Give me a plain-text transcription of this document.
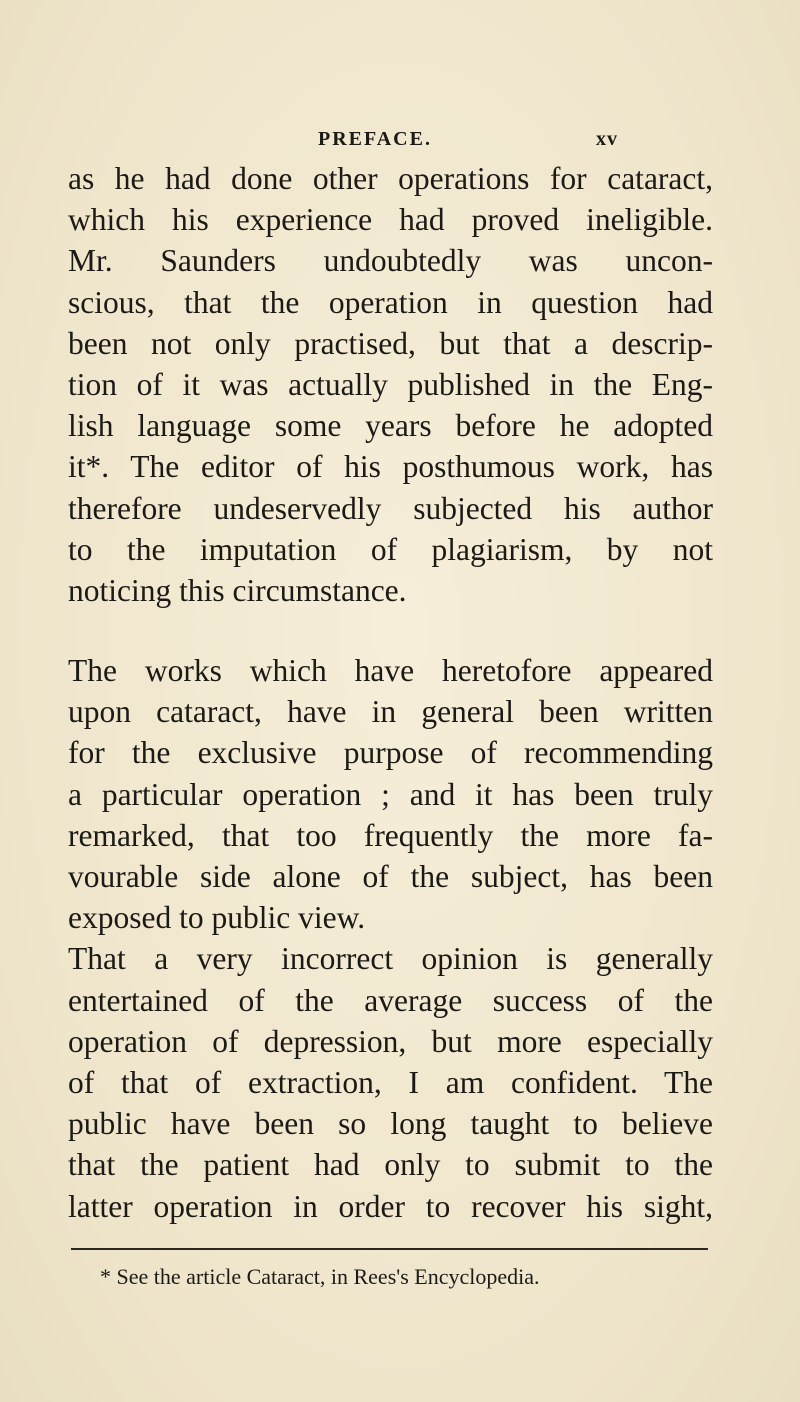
PREFACE.	xv
as he had done other operations for cataract,
which his experience had proved ineligible.
Mr. Saunders undoubtedly was uncon-
scious, that the operation in question had
been not only practised, but that a descrip-
tion of it was actually published in the Eng-
lish language some years before he adopted
it*. The editor of his posthumous work, has
therefore undeservedly subjected his author
to the imputation of plagiarism, by not
noticing this circumstance.
The works which have heretofore appeared
upon cataract, have in general been written
for the exclusive purpose of recommending
a particular operation ; and it has been truly
remarked, that too frequently the more fa-
vourable side alone of the subject, has been
exposed to public view.
That a very incorrect opinion is generally
entertained of the average success of the
operation of depression, but more especially
of that of extraction, I am confident. The
public have been so long taught to believe
that the patient had only to submit to the
latter operation in order to recover his sight,
* See the article Cataract, in Rees's Encyclopedia.
